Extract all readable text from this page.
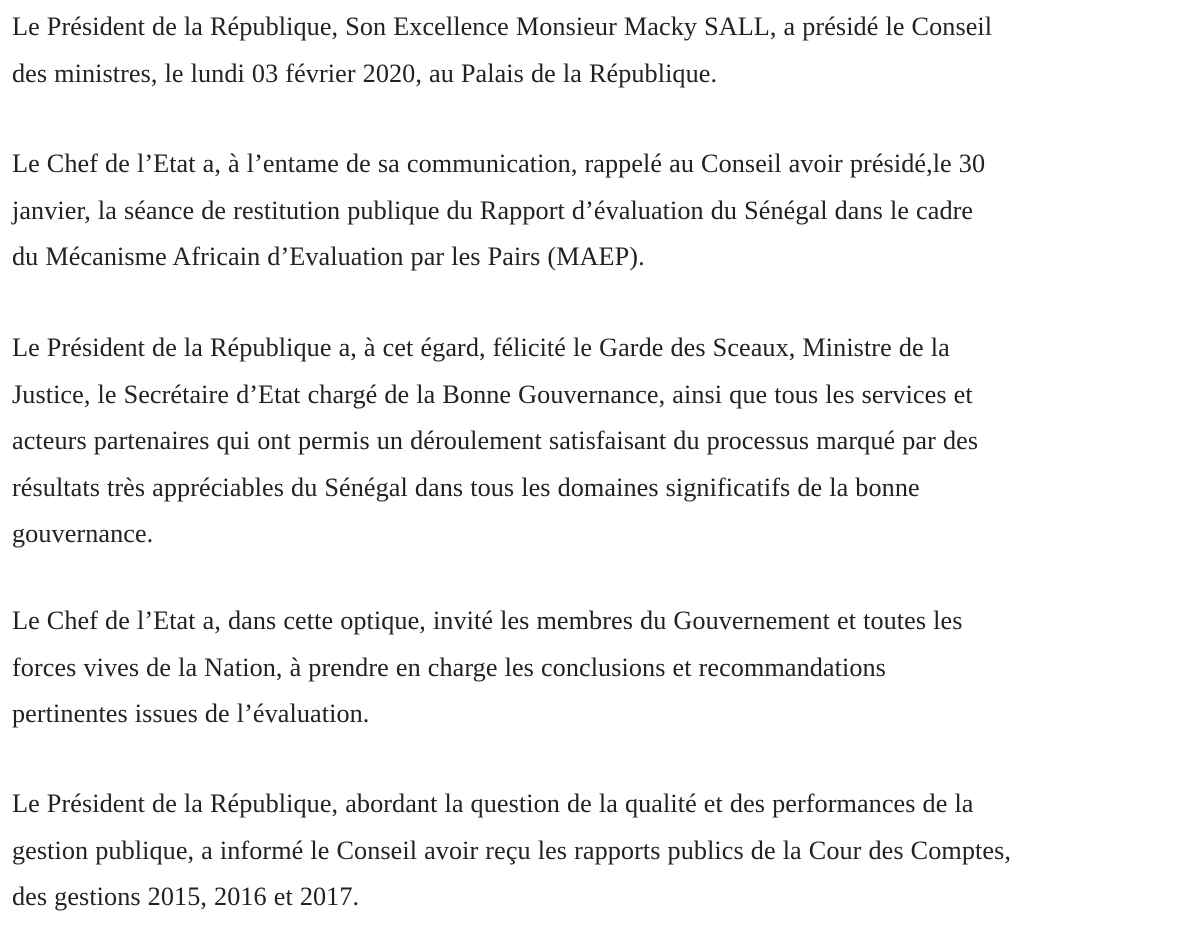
Le Président de la République, Son Excellence Monsieur Macky SALL, a présidé le Conseil
des ministres, le lundi 03 février 2020, au Palais de la République.

Le Chef de l’Etat a, à l’entame de sa communication, rappelé au Conseil avoir présidé,le 30
janvier, la séance de restitution publique du Rapport d’évaluation du Sénégal dans le cadre
du Mécanisme Africain d’Evaluation par les Pairs (MAEP).

Le Président de la République a, à cet égard, félicité le Garde des Sceaux, Ministre de la
Justice, le Secrétaire d’Etat chargé de la Bonne Gouvernance, ainsi que tous les services et
acteurs partenaires qui ont permis un déroulement satisfaisant du processus marqué par des
résultats très appréciables du Sénégal dans tous les domaines significatifs de la bonne
gouvernance.

Le Chef de l’Etat a, dans cette optique, invité les membres du Gouvernement et toutes les
forces vives de la Nation, à prendre en charge les conclusions et recommandations
pertinentes issues de l’évaluation.

Le Président de la République, abordant la question de la qualité et des performances de la
gestion publique, a informé le Conseil avoir reçu les rapports publics de la Cour des Comptes,
des gestions 2015, 2016 et 2017.
